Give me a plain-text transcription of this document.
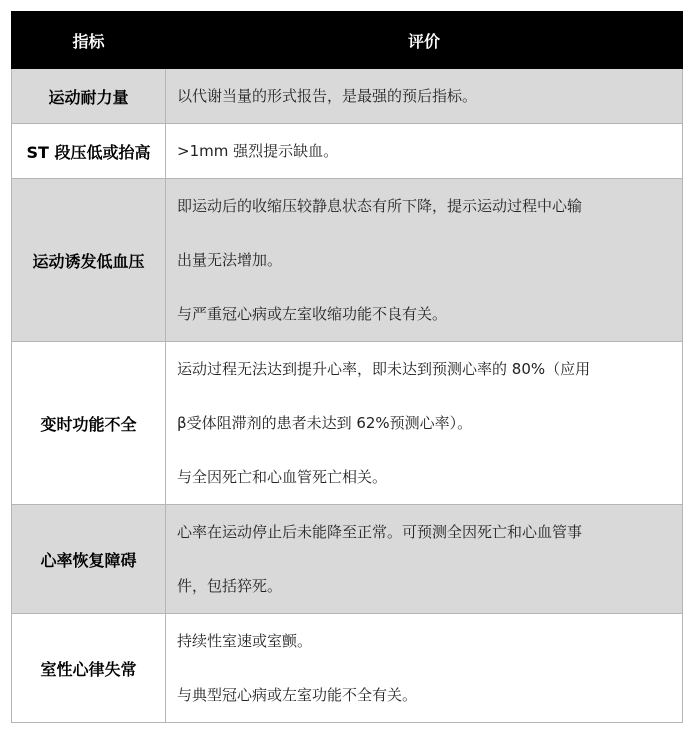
指标	评价
运动耐力量	以代谢当量的形式报告，是最强的预后指标。

ST 段压低或抬高	>1mm 强烈提示缺血。

运动诱发低血压	即运动后的收缩压较静息状态有所下降，提示运动过程中心输
出量无法增加。
与严重冠心病或左室收缩功能不良有关。

变时功能不全	运动过程无法达到提升心率，即未达到预测心率的 80%（应用
β受体阻滞剂的患者未达到 62%预测心率）。
与全因死亡和心血管死亡相关。

心率恢复障碍	心率在运动停止后未能降至正常。可预测全因死亡和心血管事
件，包括猝死。

室性心律失常	持续性室速或室颤。
与典型冠心病或左室功能不全有关。
